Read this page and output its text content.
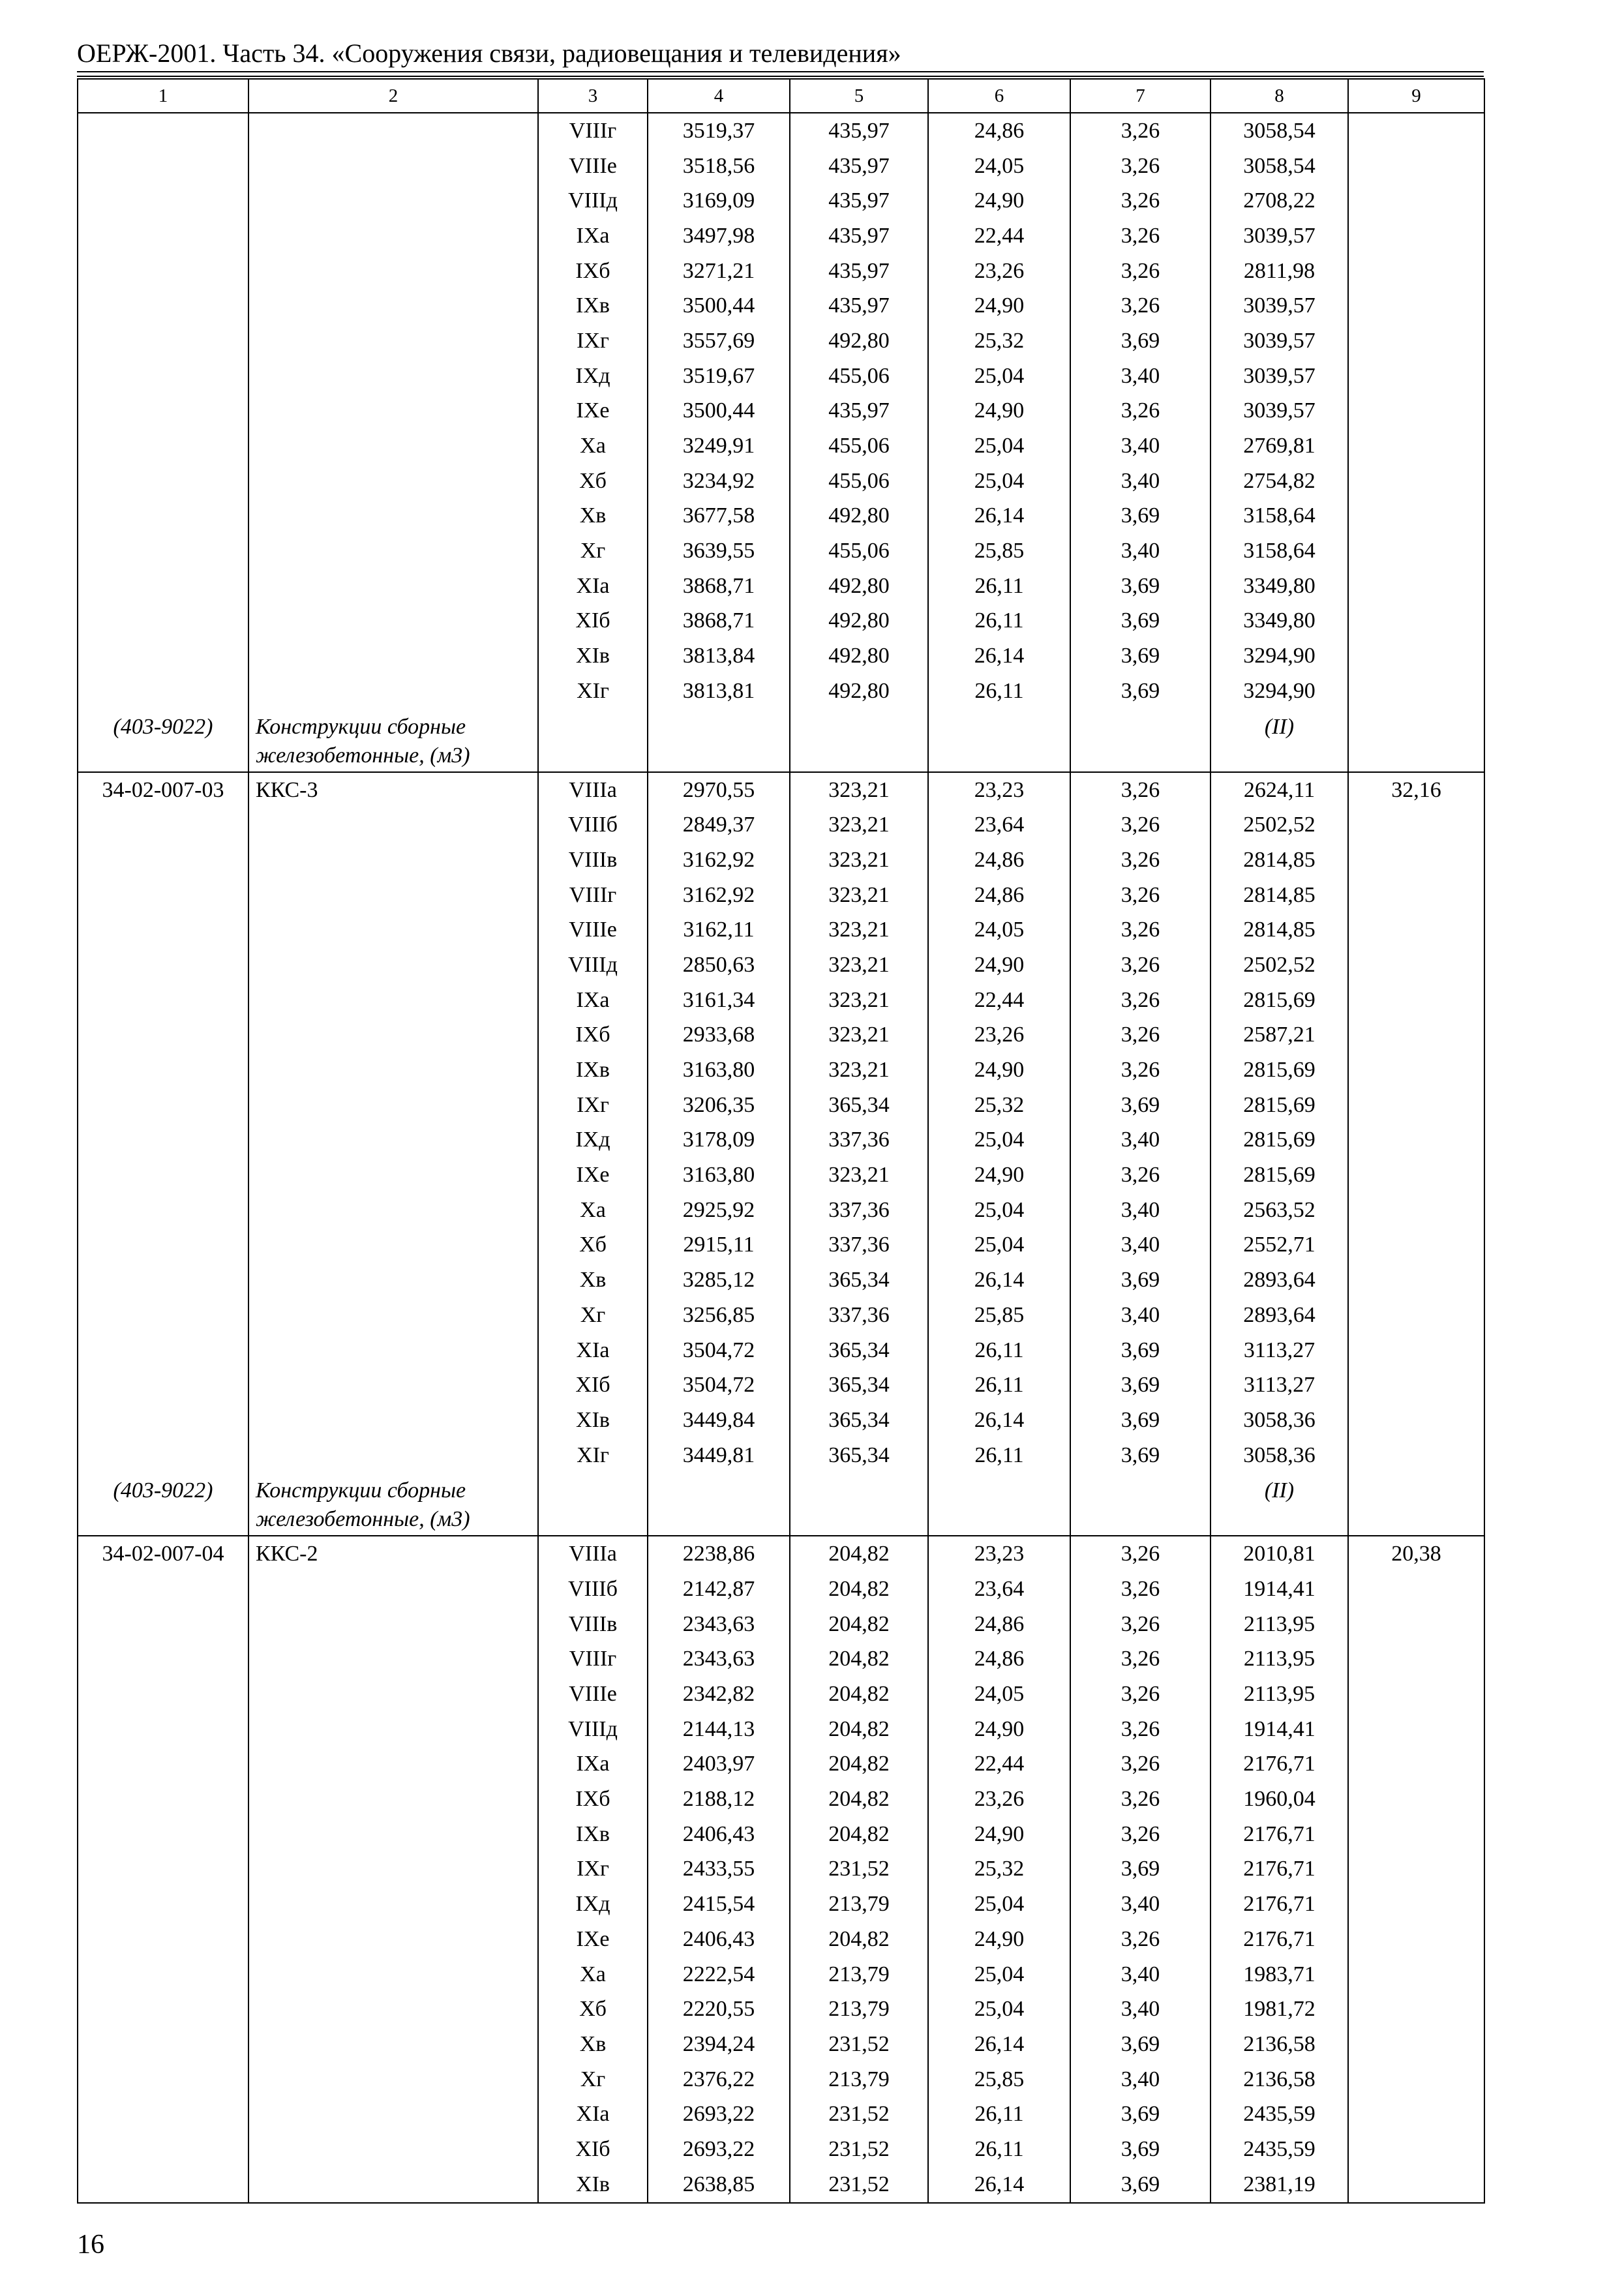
ОЕРЖ-2001. Часть 34. «Сооружения связи, радиовещания и телевидения»
1	2	3	4	5	6	7	8	9
		VIIIг	3519,37	435,97	24,86	3,26	3058,54	
		VIIIе	3518,56	435,97	24,05	3,26	3058,54	
		VIIIд	3169,09	435,97	24,90	3,26	2708,22	
		IXа	3497,98	435,97	22,44	3,26	3039,57	
		IXб	3271,21	435,97	23,26	3,26	2811,98	
		IXв	3500,44	435,97	24,90	3,26	3039,57	
		IXг	3557,69	492,80	25,32	3,69	3039,57	
		IXд	3519,67	455,06	25,04	3,40	3039,57	
		IXе	3500,44	435,97	24,90	3,26	3039,57	
		Xа	3249,91	455,06	25,04	3,40	2769,81	
		Xб	3234,92	455,06	25,04	3,40	2754,82	
		Xв	3677,58	492,80	26,14	3,69	3158,64	
		Xг	3639,55	455,06	25,85	3,40	3158,64	
		XIа	3868,71	492,80	26,11	3,69	3349,80	
		XIб	3868,71	492,80	26,11	3,69	3349,80	
		XIв	3813,84	492,80	26,14	3,69	3294,90	
		XIг	3813,81	492,80	26,11	3,69	3294,90	
(403-9022)	Конструкции сборные железобетонные, (м3)						(II)	
34-02-007-03	ККС-3	VIIIа	2970,55	323,21	23,23	3,26	2624,11	32,16
		VIIIб	2849,37	323,21	23,64	3,26	2502,52	
		VIIIв	3162,92	323,21	24,86	3,26	2814,85	
		VIIIг	3162,92	323,21	24,86	3,26	2814,85	
		VIIIе	3162,11	323,21	24,05	3,26	2814,85	
		VIIIд	2850,63	323,21	24,90	3,26	2502,52	
		IXа	3161,34	323,21	22,44	3,26	2815,69	
		IXб	2933,68	323,21	23,26	3,26	2587,21	
		IXв	3163,80	323,21	24,90	3,26	2815,69	
		IXг	3206,35	365,34	25,32	3,69	2815,69	
		IXд	3178,09	337,36	25,04	3,40	2815,69	
		IXе	3163,80	323,21	24,90	3,26	2815,69	
		Xа	2925,92	337,36	25,04	3,40	2563,52	
		Xб	2915,11	337,36	25,04	3,40	2552,71	
		Xв	3285,12	365,34	26,14	3,69	2893,64	
		Xг	3256,85	337,36	25,85	3,40	2893,64	
		XIа	3504,72	365,34	26,11	3,69	3113,27	
		XIб	3504,72	365,34	26,11	3,69	3113,27	
		XIв	3449,84	365,34	26,14	3,69	3058,36	
		XIг	3449,81	365,34	26,11	3,69	3058,36	
(403-9022)	Конструкции сборные железобетонные, (м3)						(II)	
34-02-007-04	ККС-2	VIIIа	2238,86	204,82	23,23	3,26	2010,81	20,38
		VIIIб	2142,87	204,82	23,64	3,26	1914,41	
		VIIIв	2343,63	204,82	24,86	3,26	2113,95	
		VIIIг	2343,63	204,82	24,86	3,26	2113,95	
		VIIIе	2342,82	204,82	24,05	3,26	2113,95	
		VIIIд	2144,13	204,82	24,90	3,26	1914,41	
		IXа	2403,97	204,82	22,44	3,26	2176,71	
		IXб	2188,12	204,82	23,26	3,26	1960,04	
		IXв	2406,43	204,82	24,90	3,26	2176,71	
		IXг	2433,55	231,52	25,32	3,69	2176,71	
		IXд	2415,54	213,79	25,04	3,40	2176,71	
		IXе	2406,43	204,82	24,90	3,26	2176,71	
		Xа	2222,54	213,79	25,04	3,40	1983,71	
		Xб	2220,55	213,79	25,04	3,40	1981,72	
		Xв	2394,24	231,52	26,14	3,69	2136,58	
		Xг	2376,22	213,79	25,85	3,40	2136,58	
		XIа	2693,22	231,52	26,11	3,69	2435,59	
		XIб	2693,22	231,52	26,11	3,69	2435,59	
		XIв	2638,85	231,52	26,14	3,69	2381,19	
16
